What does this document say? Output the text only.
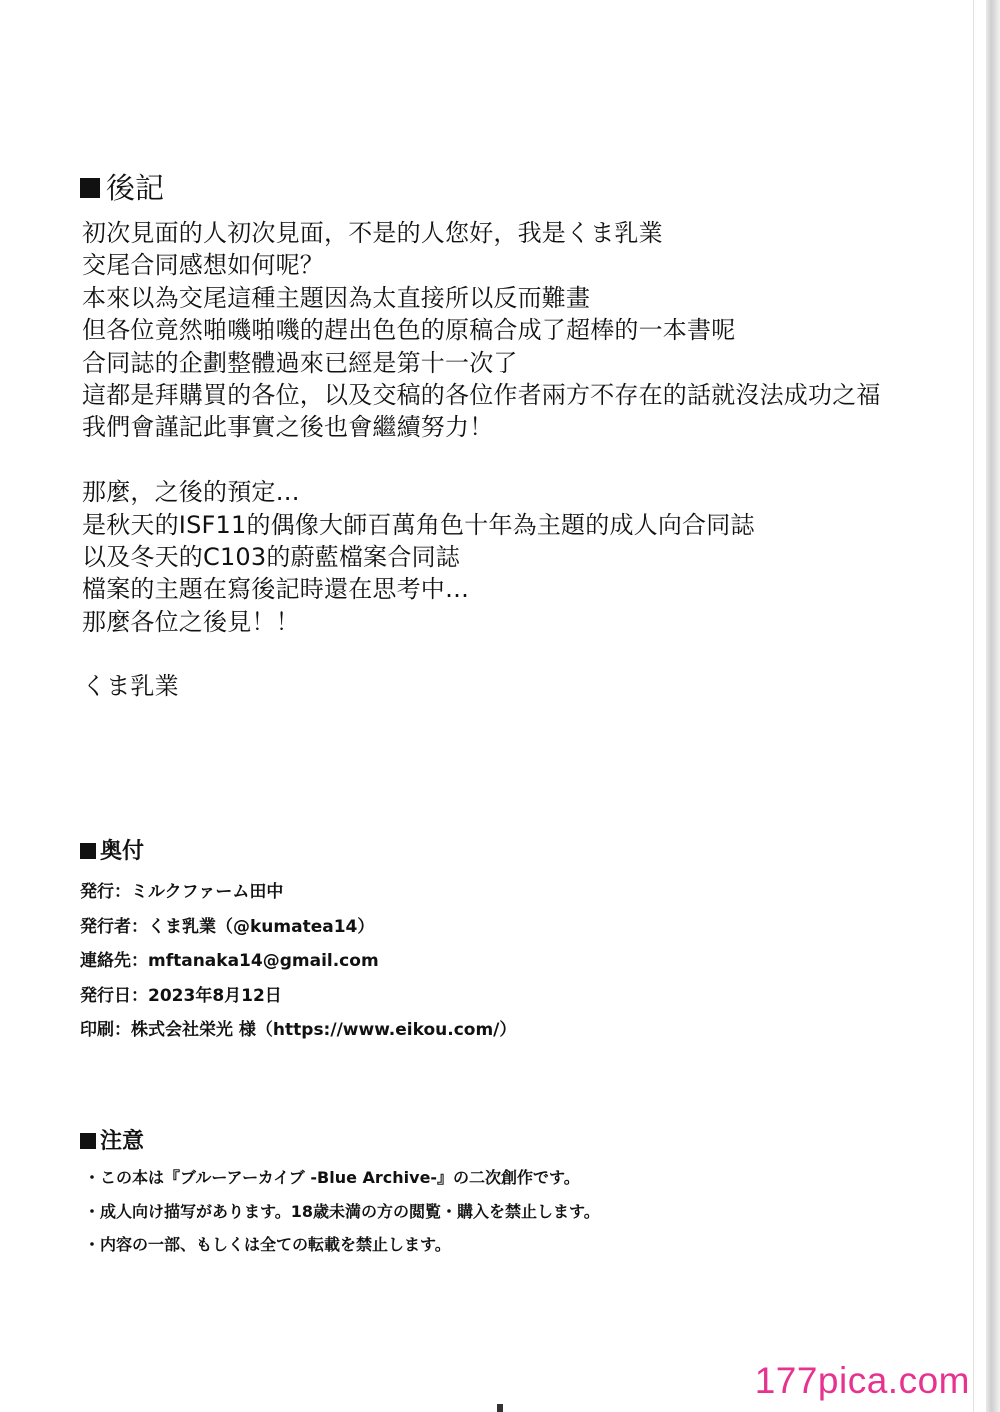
後記
初次見面的人初次見面，不是的人您好，我是くま乳業
交尾合同感想如何呢？
本來以為交尾這種主題因為太直接所以反而難畫
但各位竟然啪嘰啪嘰的趕出色色的原稿合成了超棒的一本書呢
合同誌的企劃整體過來已經是第十一次了
這都是拜購買的各位，以及交稿的各位作者兩方不存在的話就沒法成功之福
我們會謹記此事實之後也會繼續努力！
那麼，之後的預定…
是秋天的ISF11的偶像大師百萬角色十年為主題的成人向合同誌
以及冬天的C103的蔚藍檔案合同誌
檔案的主題在寫後記時還在思考中…
那麼各位之後見！！
くま乳業
奥付
発行：ミルクファーム田中
発行者：くま乳業（@kumatea14）
連絡先：mftanaka14@gmail.com
発行日：2023年8月12日
印刷：株式会社栄光 様（https://www.eikou.com/）
注意
・この本は『ブルーアーカイブ -Blue Archive-』の二次創作です。
・成人向け描写があります。18歳未満の方の閲覧・購入を禁止します。
・内容の一部、もしくは全ての転載を禁止します。
177pica.com
